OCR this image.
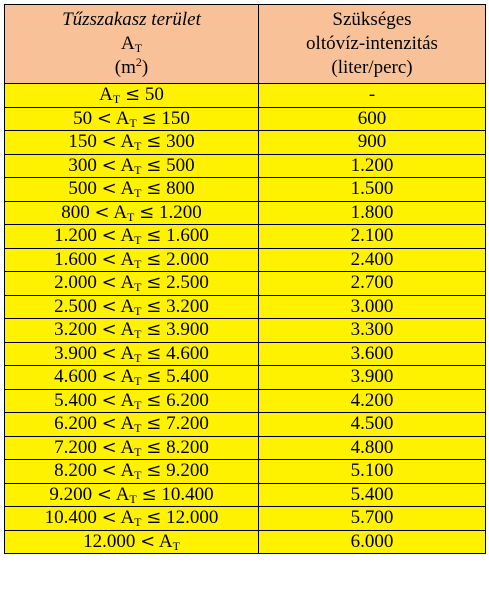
Tűzszakasz terület
$A_T$
$(m^2)$	Szükséges
oltóvíz-intenzitás
(liter/perc)

$A_T \le 50$	-
$50 < A_T \le 150$	600
$150 < A_T \le 300$	900
$300 < A_T \le 500$	1.200
$500 < A_T \le 800$	1.500
$800 < A_T \le 1.200$	1.800
$1.200 < A_T \le 1.600$	2.100
$1.600 < A_T \le 2.000$	2.400
$2.000 < A_T \le 2.500$	2.700
$2.500 < A_T \le 3.200$	3.000
$3.200 < A_T \le 3.900$	3.300
$3.900 < A_T \le 4.600$	3.600
$4.600 < A_T \le 5.400$	3.900
$5.400 < A_T \le 6.200$	4.200
$6.200 < A_T \le 7.200$	4.500
$7.200 < A_T \le 8.200$	4.800
$8.200 < A_T \le 9.200$	5.100
$9.200 < A_T \le 10.400$	5.400
$10.400 < A_T \le 12.000$	5.700
$12.000 < A_T$	6.000
